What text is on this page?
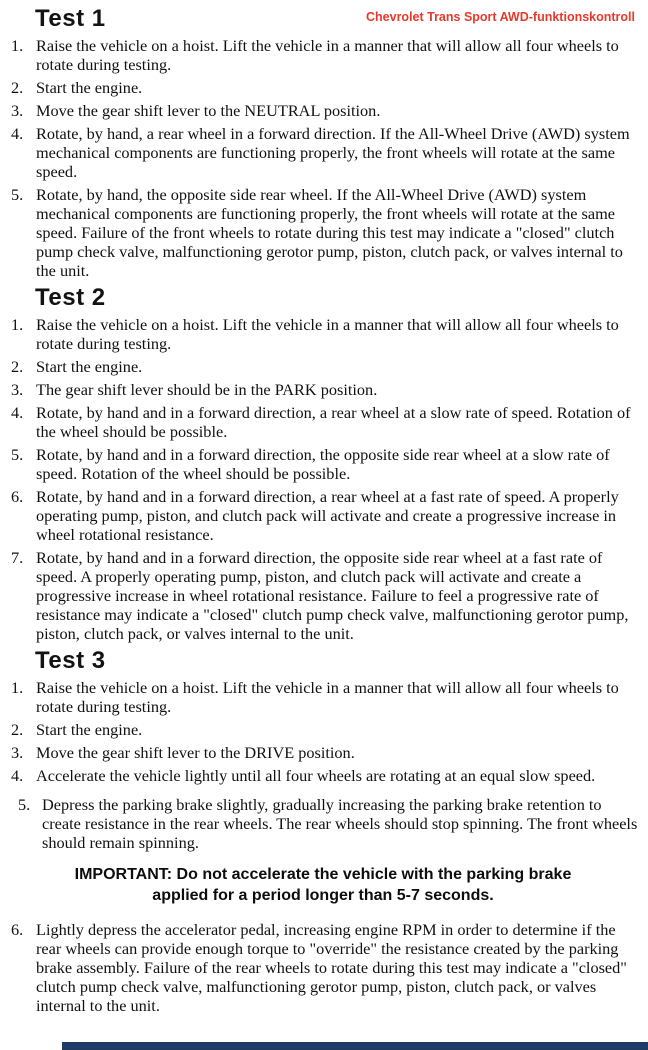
Chevrolet Trans Sport AWD-funktionskontroll
Test 1
1. Raise the vehicle on a hoist. Lift the vehicle in a manner that will allow all four wheels to rotate during testing.
2. Start the engine.
3. Move the gear shift lever to the NEUTRAL position.
4. Rotate, by hand, a rear wheel in a forward direction. If the All-Wheel Drive (AWD) system mechanical components are functioning properly, the front wheels will rotate at the same speed.
5. Rotate, by hand, the opposite side rear wheel. If the All-Wheel Drive (AWD) system mechanical components are functioning properly, the front wheels will rotate at the same speed. Failure of the front wheels to rotate during this test may indicate a "closed" clutch pump check valve, malfunctioning gerotor pump, piston, clutch pack, or valves internal to the unit.
Test 2
1. Raise the vehicle on a hoist. Lift the vehicle in a manner that will allow all four wheels to rotate during testing.
2. Start the engine.
3. The gear shift lever should be in the PARK position.
4. Rotate, by hand and in a forward direction, a rear wheel at a slow rate of speed. Rotation of the wheel should be possible.
5. Rotate, by hand and in a forward direction, the opposite side rear wheel at a slow rate of speed. Rotation of the wheel should be possible.
6. Rotate, by hand and in a forward direction, a rear wheel at a fast rate of speed. A properly operating pump, piston, and clutch pack will activate and create a progressive increase in wheel rotational resistance.
7. Rotate, by hand and in a forward direction, the opposite side rear wheel at a fast rate of speed. A properly operating pump, piston, and clutch pack will activate and create a progressive increase in wheel rotational resistance. Failure to feel a progressive rate of resistance may indicate a "closed" clutch pump check valve, malfunctioning gerotor pump, piston, clutch pack, or valves internal to the unit.
Test 3
1. Raise the vehicle on a hoist. Lift the vehicle in a manner that will allow all four wheels to rotate during testing.
2. Start the engine.
3. Move the gear shift lever to the DRIVE position.
4. Accelerate the vehicle lightly until all four wheels are rotating at an equal slow speed.
5. Depress the parking brake slightly, gradually increasing the parking brake retention to create resistance in the rear wheels. The rear wheels should stop spinning. The front wheels should remain spinning.
IMPORTANT: Do not accelerate the vehicle with the parking brake
applied for a period longer than 5-7 seconds.
6. Lightly depress the accelerator pedal, increasing engine RPM in order to determine if the rear wheels can provide enough torque to "override" the resistance created by the parking brake assembly. Failure of the rear wheels to rotate during this test may indicate a "closed" clutch pump check valve, malfunctioning gerotor pump, piston, clutch pack, or valves internal to the unit.
